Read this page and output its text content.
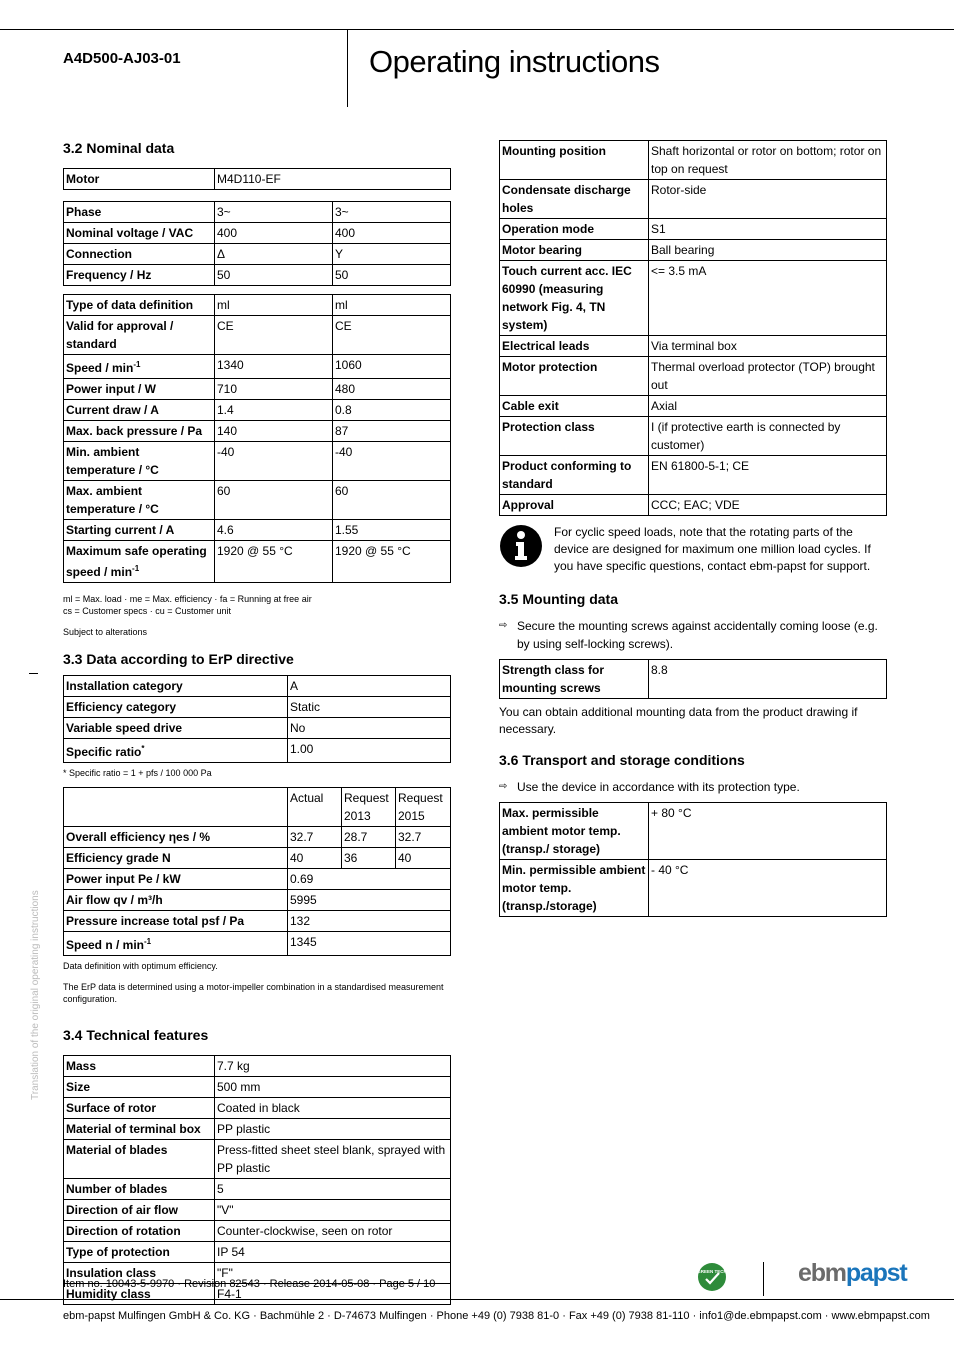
A4D500-AJ03-01	Operating instructions
Translation of the original operating instructions
3.2 Nominal data
Motor	M4D110-EF
Phase	3~	3~
Nominal voltage / VAC	400	400
Connection	Δ	Y
Frequency / Hz	50	50
Type of data definition	ml	ml
Valid for approval / standard	CE	CE
Speed / $\min^{-1}$	1340	1060
Power input / W	710	480
Current draw / A	1.4	0.8
Max. back pressure / Pa	140	87
Min. ambient temperature / °C	-40	-40
Max. ambient temperature / °C	60	60
Starting current / A	4.6	1.55
Maximum safe operating speed / $\min^{-1}$	1920 @ 55 °C	1920 @ 55 °C
ml = Max. load · me = Max. efficiency · fa = Running at free air
cs = Customer specs · cu = Customer unit
Subject to alterations
3.3 Data according to ErP directive
Installation category	A
Efficiency category	Static
Variable speed drive	No
Specific ratio*	1.00
* Specific ratio = 1 + pfs / 100 000 Pa
	Actual	Request 2013	Request 2015
Overall efficiency ηes / %	32.7	28.7	32.7
Efficiency grade N	40	36	40
Power input Pe / kW	0.69		
Air flow qv / m³/h	5995		
Pressure increase total psf / Pa	132		
Speed n / $\min^{-1}$	1345		
Data definition with optimum efficiency.
The ErP data is determined using a motor-impeller combination in a standardised measurement configuration.
3.4 Technical features
Mass	7.7 kg
Size	500 mm
Surface of rotor	Coated in black
Material of terminal box	PP plastic
Material of blades	Press-fitted sheet steel blank, sprayed with PP plastic
Number of blades	5
Direction of air flow	"V"
Direction of rotation	Counter-clockwise, seen on rotor
Type of protection	IP 54
Insulation class	"F"
Humidity class	F4-1
Mounting position	Shaft horizontal or rotor on bottom; rotor on top on request
Condensate discharge holes	Rotor-side
Operation mode	S1
Motor bearing	Ball bearing
Touch current acc. IEC 60990 (measuring network Fig. 4, TN system)	<= 3.5 mA
Electrical leads	Via terminal box
Motor protection	Thermal overload protector (TOP) brought out
Cable exit	Axial
Protection class	I (if protective earth is connected by customer)
Product conforming to standard	EN 61800-5-1; CE
Approval	CCC; EAC; VDE
For cyclic speed loads, note that the rotating parts of the device are designed for maximum one million load cycles. If you have specific questions, contact ebm-papst for support.
3.5 Mounting data
⇨ Secure the mounting screws against accidentally coming loose (e.g. by using self-locking screws).
Strength class for mounting screws	8.8
You can obtain additional mounting data from the product drawing if necessary.
3.6 Transport and storage conditions
⇨ Use the device in accordance with its protection type.
Max. permissible ambient motor temp. (transp./ storage)	+ 80 °C
Min. permissible ambient motor temp. (transp./storage)	- 40 °C
Item no. 10043-5-9970 · Revision 82543 · Release 2014-05-08 · Page 5 / 10
GREEN TECH	ebmpapst
ebm-papst Mulfingen GmbH & Co. KG · Bachmühle 2 · D-74673 Mulfingen · Phone +49 (0) 7938 81-0 · Fax +49 (0) 7938 81-110 · info1@de.ebmpapst.com · www.ebmpapst.com
